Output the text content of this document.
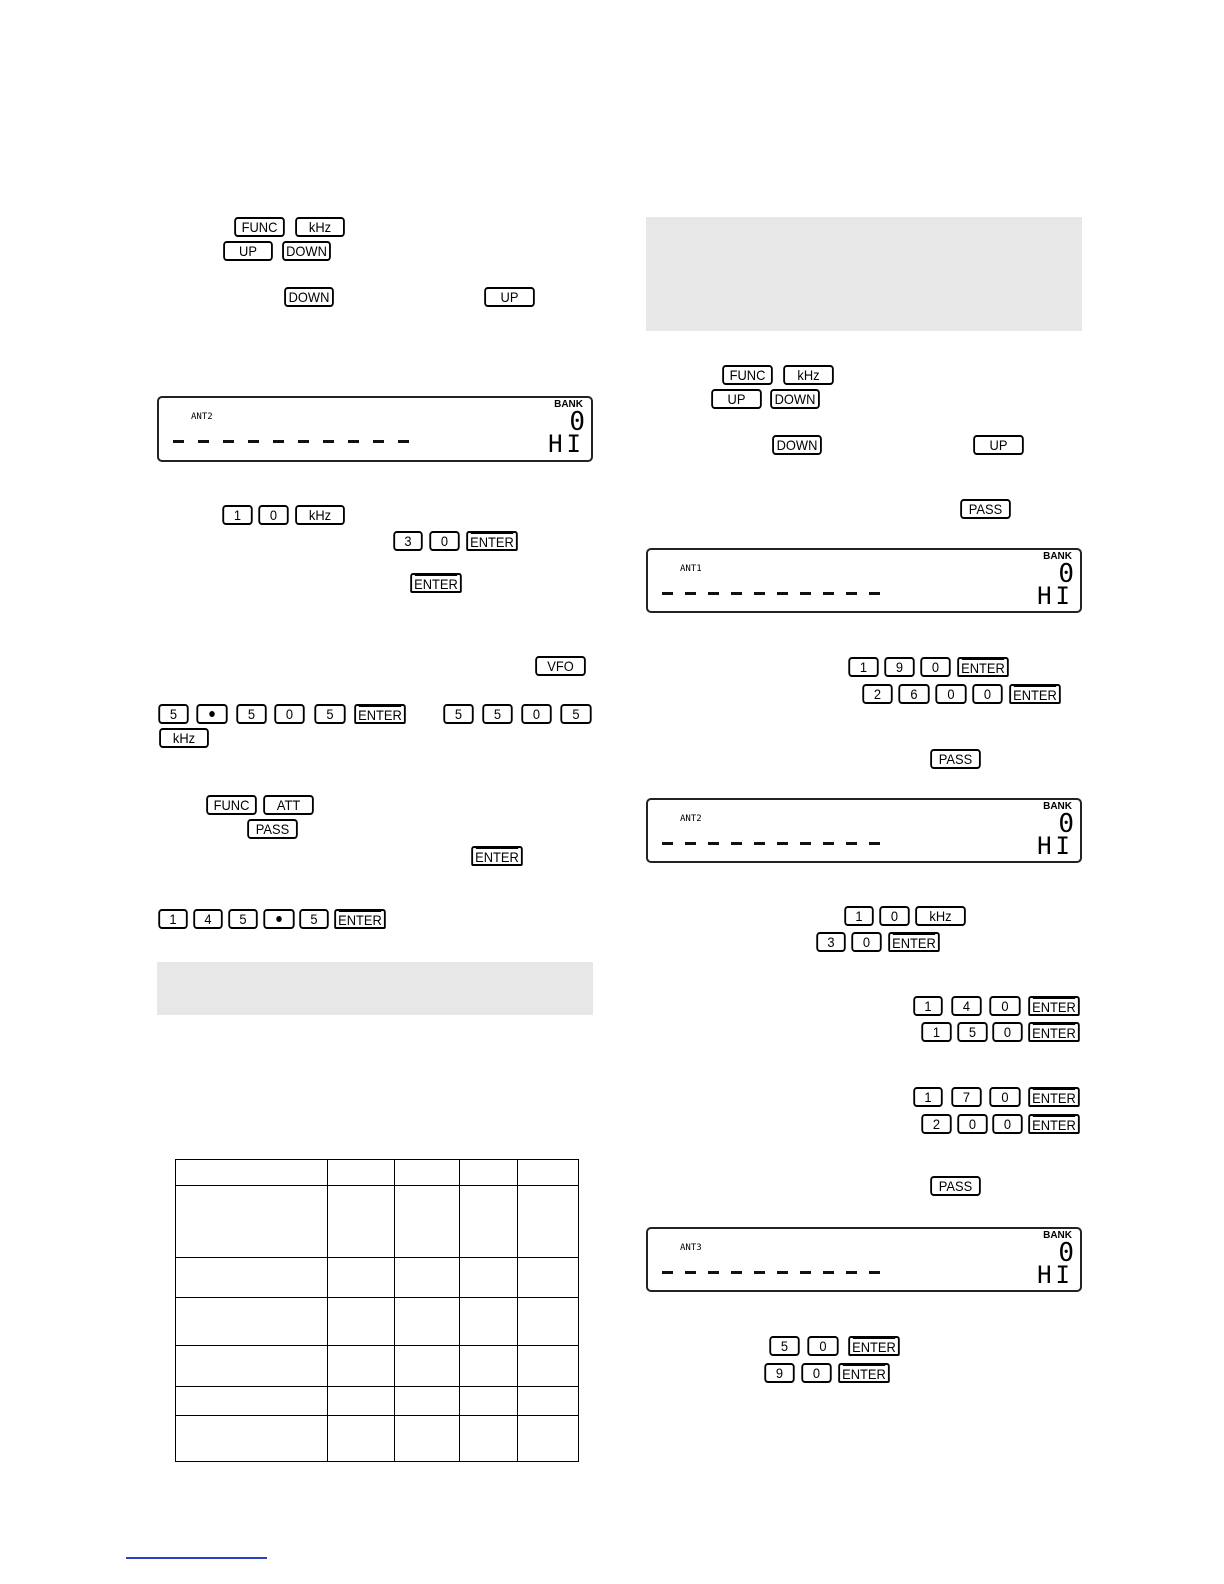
FUNC	kHz
UP	DOWN
DOWN	UP
ANT2
BANK
0
HI
1	0	kHz
3	0	ENTER
ENTER
VFO
5	5	0	5	ENTER	5	5	0	5
kHz
FUNC	ATT
PASS
ENTER
1	4	5	5	ENTER

FUNC	kHz
UP	DOWN
DOWN	UP
PASS
ANT1
BANK
0
HI
1	9	0	ENTER
2	6	0	0	ENTER
PASS
ANT2
BANK
0
HI
1	0	kHz
3	0	ENTER
1	4	0	ENTER
1	5	0	ENTER
1	7	0	ENTER
2	0	0	ENTER
PASS
ANT3
BANK
0
HI
5	0	ENTER
9	0	ENTER
